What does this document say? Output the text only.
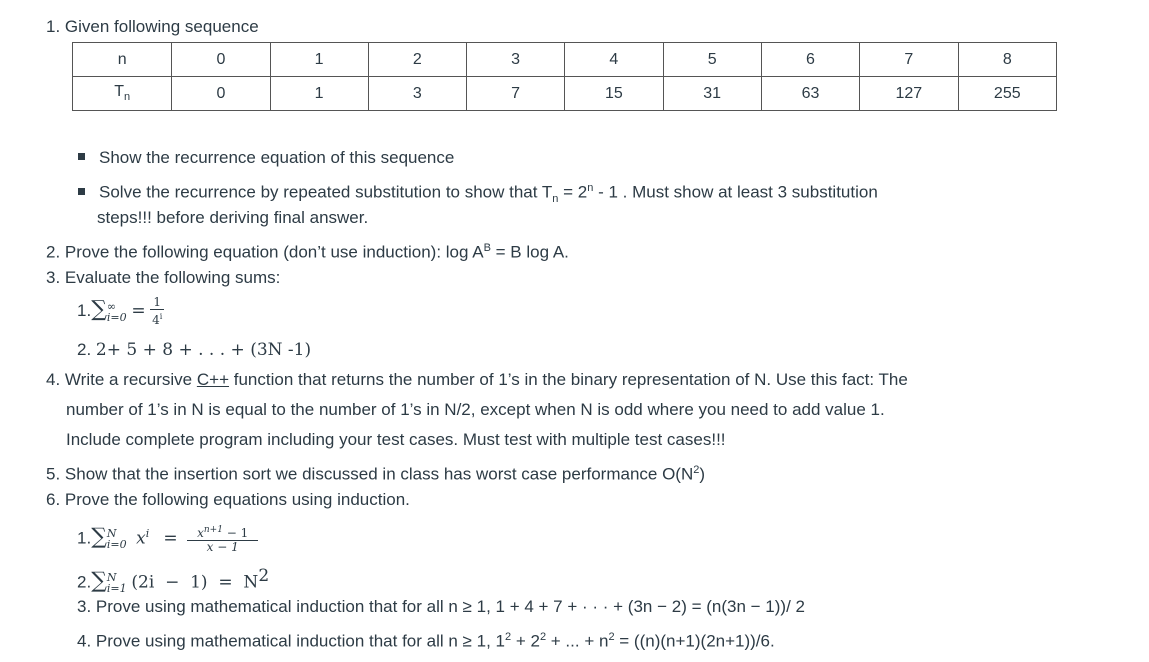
1. Given following sequence
n	0	1	2	3	4	5	6	7	8
$T_n$	0	1	3	7	15	31	63	127	255
Show the recurrence equation of this sequence
Solve the recurrence by repeated substitution to show that $T_n = 2^n - 1$ . Must show at least 3 substitution
steps!!! before deriving final answer.
2. Prove the following equation (don’t use induction): $\log A^B = B$ log A.
3. Evaluate the following sums:
1.∑∞
$i=0 = \frac{1}{4^i}$
2. 2+ 5 + 8 + . . . + (3N -1)
4. Write a recursive C++ function that returns the number of 1’s in the binary representation of N. Use this fact: The
number of 1’s in N is equal to the number of 1’s in N/2, except when N is odd where you need to add value 1.
Include complete program including your test cases. Must test with multiple test cases!!!
5. Show that the insertion sort we discussed in class has worst case performance $O(N^2)$
6. Prove the following equations using induction.
1.∑N
i=0 $x^i = \frac{x^{n+1} - 1}{x - 1}$
2.∑N
i=1 $(2i - 1) = N^2$
3. Prove using mathematical induction that for all n ≥ 1, 1 + 4 + 7 + · · · + (3n − 2) = (n(3n − 1))/ 2
4. Prove using mathematical induction that for all n ≥ 1, $1^2 + 2^2$ + ... + $n^2 = ((n)(n+1)(2n+1))/6$.
